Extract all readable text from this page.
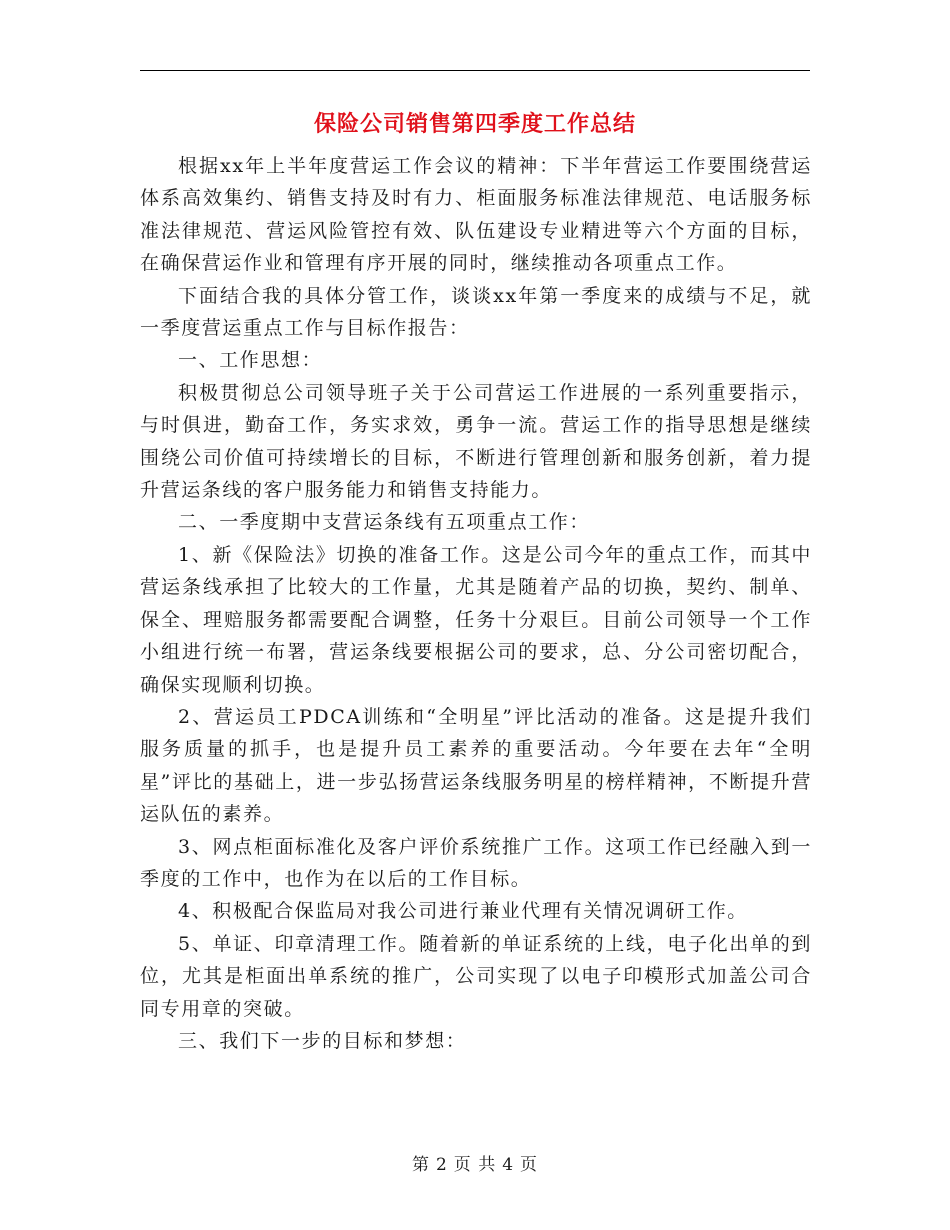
保险公司销售第四季度工作总结

根据xx年上半年度营运工作会议的精神：下半年营运工作要围绕营运体系高效集约、销售支持及时有力、柜面服务标准法律规范、电话服务标准法律规范、营运风险管控有效、队伍建设专业精进等六个方面的目标，在确保营运作业和管理有序开展的同时，继续推动各项重点工作。

下面结合我的具体分管工作，谈谈xx年第一季度来的成绩与不足，就一季度营运重点工作与目标作报告：

一、工作思想：

积极贯彻总公司领导班子关于公司营运工作进展的一系列重要指示，与时俱进，勤奋工作，务实求效，勇争一流。营运工作的指导思想是继续围绕公司价值可持续增长的目标，不断进行管理创新和服务创新，着力提升营运条线的客户服务能力和销售支持能力。

二、一季度期中支营运条线有五项重点工作：

1、新《保险法》切换的准备工作。这是公司今年的重点工作，而其中营运条线承担了比较大的工作量，尤其是随着产品的切换，契约、制单、保全、理赔服务都需要配合调整，任务十分艰巨。目前公司领导一个工作小组进行统一布署，营运条线要根据公司的要求，总、分公司密切配合，确保实现顺利切换。

2、营运员工PDCA训练和“全明星”评比活动的准备。这是提升我们服务质量的抓手，也是提升员工素养的重要活动。今年要在去年“全明星”评比的基础上，进一步弘扬营运条线服务明星的榜样精神，不断提升营运队伍的素养。

3、网点柜面标准化及客户评价系统推广工作。这项工作已经融入到一季度的工作中，也作为在以后的工作目标。

4、积极配合保监局对我公司进行兼业代理有关情况调研工作。

5、单证、印章清理工作。随着新的单证系统的上线，电子化出单的到位，尤其是柜面出单系统的推广，公司实现了以电子印模形式加盖公司合同专用章的突破。

三、我们下一步的目标和梦想：

第 2 页 共 4 页
